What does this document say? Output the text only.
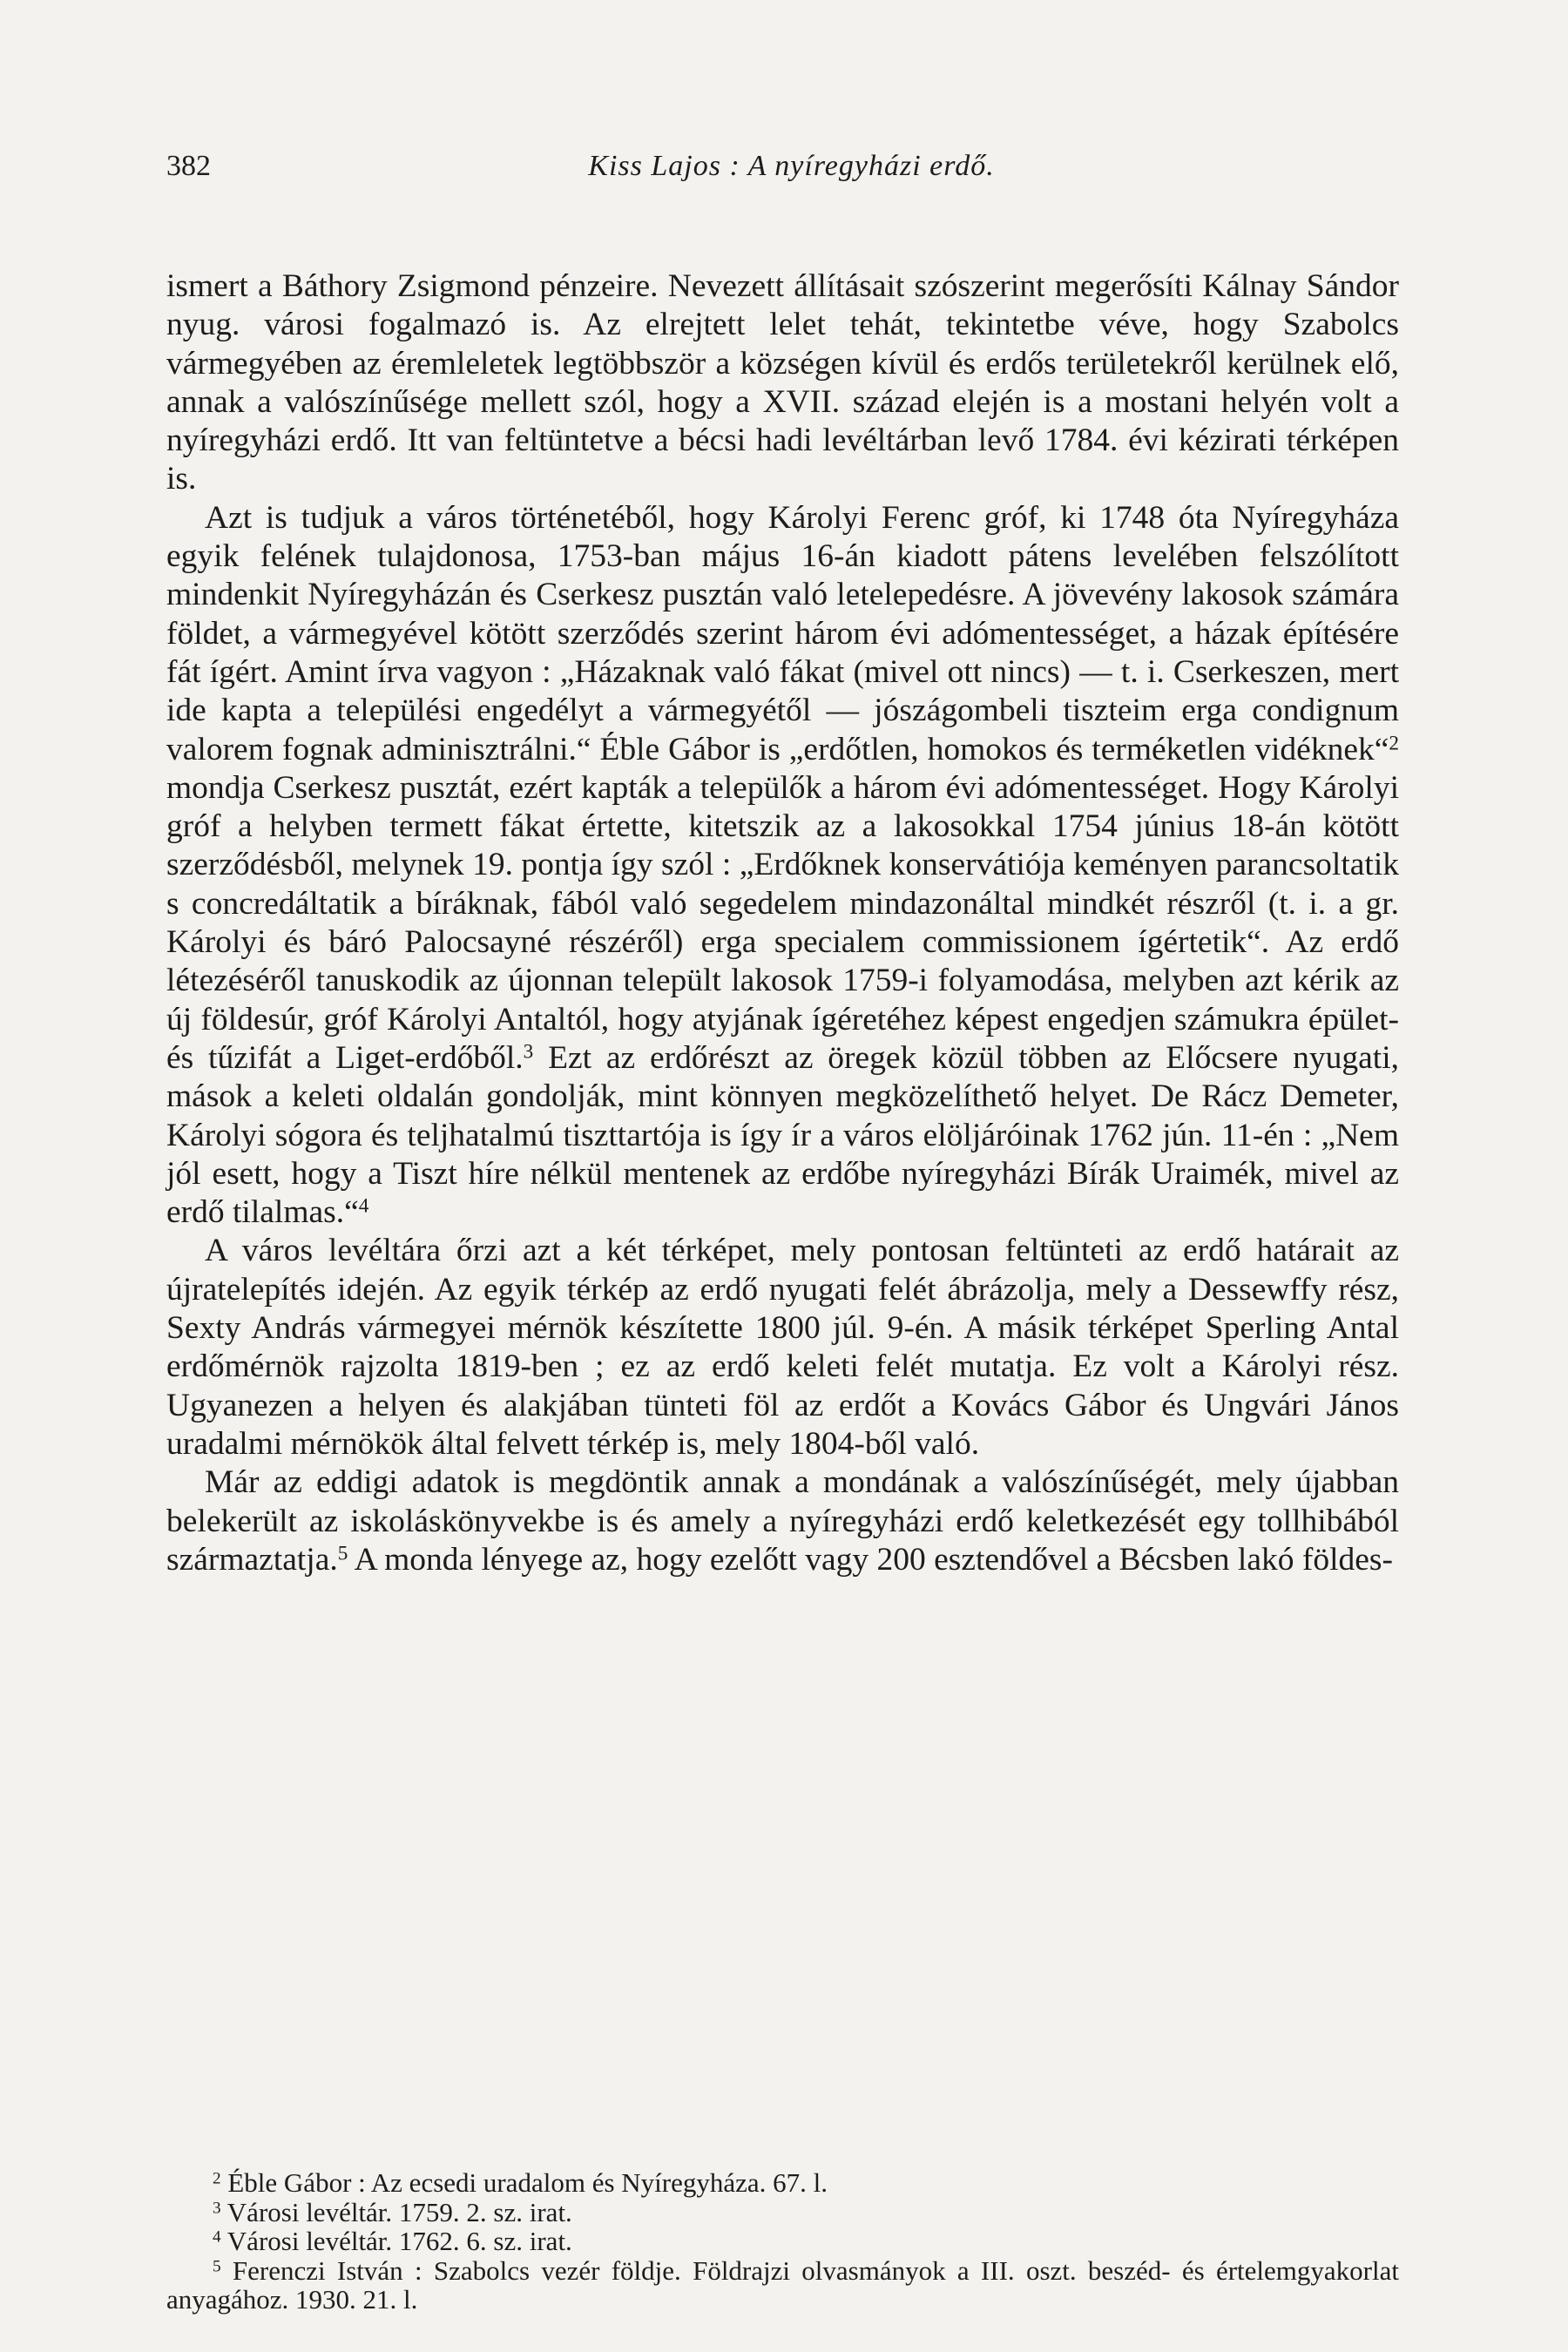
382	Kiss Lajos : A nyíregyházi erdő.

ismert a Báthory Zsigmond pénzeire. Nevezett állításait szószerint megerősíti Kálnay Sándor nyug. városi fogalmazó is. Az elrejtett lelet tehát, tekintetbe véve, hogy Szabolcs vármegyében az éremleletek legtöbbször a községen kívül és erdős területekről kerülnek elő, annak a valószínűsége mellett szól, hogy a XVII. század elején is a mostani helyén volt a nyíregyházi erdő. Itt van feltüntetve a bécsi hadi levéltárban levő 1784. évi kézirati térképen is.

Azt is tudjuk a város történetéből, hogy Károlyi Ferenc gróf, ki 1748 óta Nyíregyháza egyik felének tulajdonosa, 1753-ban május 16-án kiadott pátens levelében felszólított mindenkit Nyíregyházán és Cserkesz pusztán való letelepedésre. A jövevény lakosok számára földet, a vármegyével kötött szerződés szerint három évi adómentességet, a házak építésére fát ígért. Amint írva vagyon : „Házaknak való fákat (mivel ott nincs) — t. i. Cserkeszen, mert ide kapta a települési engedélyt a vármegyétől — jószágombeli tiszteim erga condignum valorem fognak adminisztrálni.“ Éble Gábor is „erdőtlen, homokos és terméketlen vidéknek“$^2$ mondja Cserkesz pusztát, ezért kapták a települők a három évi adómentességet. Hogy Károlyi gróf a helyben termett fákat értette, kitetszik az a lakosokkal 1754 június 18-án kötött szerződésből, melynek 19. pontja így szól : „Erdőknek konservátiója keményen parancsoltatik s concredáltatik a bíráknak, fából való segedelem mindazonáltal mindkét részről (t. i. a gr. Károlyi és báró Palocsayné részéről) erga specialem commissionem ígértetik“. Az erdő létezéséről tanuskodik az újonnan települt lakosok 1759-i folyamodása, melyben azt kérik az új földesúr, gróf Károlyi Antaltól, hogy atyjának ígéretéhez képest engedjen számukra épület- és tűzifát a Liget-erdőből.$^3$ Ezt az erdőrészt az öregek közül többen az Előcsere nyugati, mások a keleti oldalán gondolják, mint könnyen megközelíthető helyet. De Rácz Demeter, Károlyi sógora és teljhatalmú tiszttartója is így ír a város elöljáróinak 1762 jún. 11-én : „Nem jól esett, hogy a Tiszt híre nélkül mentenek az erdőbe nyíregyházi Bírák Uraimék, mivel az erdő tilalmas.“$^4$

A város levéltára őrzi azt a két térképet, mely pontosan feltünteti az erdő határait az újratelepítés idején. Az egyik térkép az erdő nyugati felét ábrázolja, mely a Dessewffy rész, Sexty András vármegyei mérnök készítette 1800 júl. 9-én. A másik térképet Sperling Antal erdőmérnök rajzolta 1819-ben ; ez az erdő keleti felét mutatja. Ez volt a Károlyi rész. Ugyanezen a helyen és alakjában tünteti föl az erdőt a Kovács Gábor és Ungvári János uradalmi mérnökök által felvett térkép is, mely 1804-ből való.

Már az eddigi adatok is megdöntik annak a mondának a valószínűségét, mely újabban belekerült az iskoláskönyvekbe is és amely a nyíregyházi erdő keletkezését egy tollhibából származtatja.$^5$ A monda lényege az, hogy ezelőtt vagy 200 esztendővel a Bécsben lakó földes-

$^2$ Éble Gábor : Az ecsedi uradalom és Nyíregyháza. 67. l.

$^3$ Városi levéltár. 1759. 2. sz. irat.

$^4$ Városi levéltár. 1762. 6. sz. irat.

$^5$ Ferenczi István : Szabolcs vezér földje. Földrajzi olvasmányok a III. oszt. beszéd- és értelemgyakorlat anyagához. 1930. 21. l.
